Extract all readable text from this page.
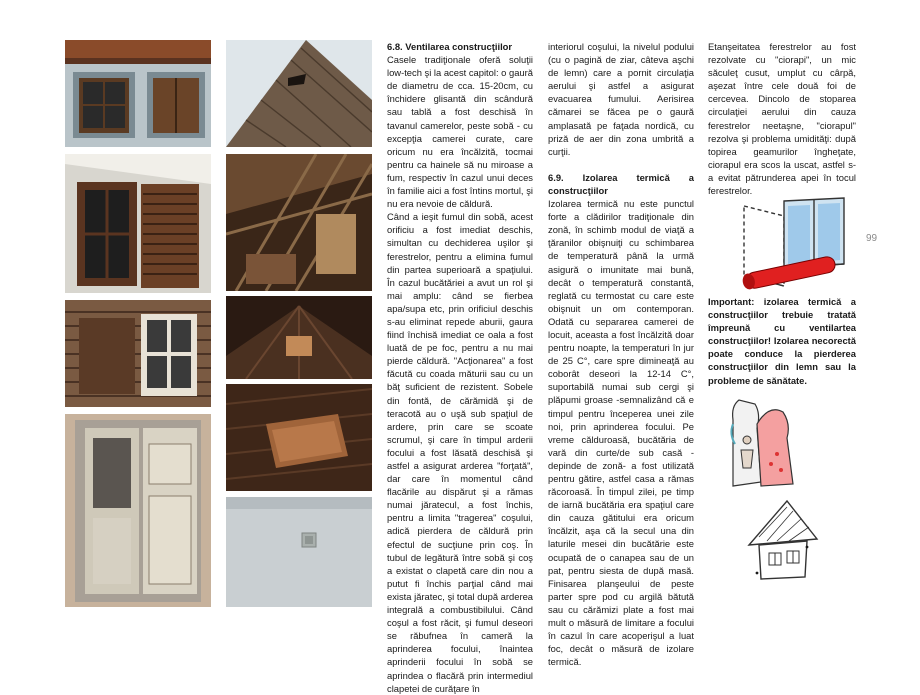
6.8. Ventilarea construcţiilor

Casele tradiţionale oferă soluţii low-tech şi la acest capitol: o gaură de diametru de cca. 15-20cm, cu închidere glisantă din scândură sau tablă a fost deschisă în tavanul camerelor, peste sobă - cu excepţia camerei curate, care oricum nu era încălzită, tocmai pentru ca hainele să nu miroase a fum, respectiv în cazul unui deces în familie aici a fost întins mortul, şi nu era nevoie de căldură.

Când a ieşit fumul din sobă, acest orificiu a fost imediat deschis, simultan cu dechiderea uşilor şi ferestrelor, pentru a elimina fumul din partea superioară a spaţiului. În cazul bucătăriei a avut un rol şi mai amplu: când se fierbea apa/supa etc, prin orificiul deschis s-au eliminat repede aburii, gaura fiind închisă imediat ce oala a fost luată de pe foc, pentru a nu mai pierde căldură. "Acţionarea" a fost făcută cu coada măturii sau cu un băţ suficient de rezistent. Sobele din fontă, de cărămidă şi de teracotă au o uşă sub spaţiul de ardere, prin care se scoate scrumul, şi care în timpul arderii focului a fost lăsată deschisă şi astfel a asigurat arderea "forţată", dar care în momentul când flacările au dispărut şi a rămas numai jăratecul, a fost închis, pentru a limita "tragerea" coşului, adică pierdera de căldură prin efectul de sucţiune prin coş. În tubul de legătură între sobă şi coş a existat o clapetă care din nou a putut fi închis parţial când mai exista jăratec, şi total după arderea integrală a combustibilului. Când coşul a fost răcit, şi fumul deseori se răbufnea în cameră la aprinderea focului, înaintea aprinderii focului în sobă se aprindea o flacără prin intermediul clapetei de curăţare în

interiorul coşului, la nivelul podului (cu o pagină de ziar, câteva aşchi de lemn) care a pornit circulaţia aerului şi astfel a asigurat evacuarea fumului. Aerisirea cămarei se făcea pe o gaură amplasată pe faţada nordică, cu priză de aer din zona umbrită a curţii.

6.9. Izolarea termică a construcţiilor

Izolarea termică nu este punctul forte a clădirilor tradiţionale din zonă, în schimb modul de viaţă a ţăranilor obişnuiţi cu schimbarea de temperatură până la urmă asigură o imunitate mai bună, decât o temperatură constantă, reglată cu termostat cu care este obişnuit un om contemporan. Odată cu separarea camerei de locuit, aceasta a fost încălzită doar pentru noapte, la temperaturi în jur de 25 C°, care spre dimineaţă au coborât deseori la 12-14 C°, suportabilă numai sub cergi şi plăpumi groase -semnalizând că e timpul pentru începerea unei zile noi, prin aprinderea focului. Pe vreme călduroasă, bucătăria de vară din curte/de sub casă -depinde de zonă- a fost utilizată pentru gătire, astfel casa a rămas răcoroasă. În timpul zilei, pe timp de iarnă bucătăria era spaţiul care din cauza gătitului era oricum încălzit, aşa că la secul una din laturile mesei din bucătărie este ocupată de o canapea sau de un pat, pentru siesta de după masă. Finisarea planşeului de peste parter spre pod cu argilă bătută sau cu cărămizi plate a fost mai mult o măsură de limitare a focului în cazul în care acoperişul a luat foc, decât o măsură de izolare termică.

Etanşeitatea ferestrelor au fost rezolvate cu "ciorapi", un mic săculeţ cusut, umplut cu cârpă, aşezat între cele două foi de cercevea. Dincolo de stoparea circulaţiei aerului din cauza ferestrelor neetaşne, "ciorapul" rezolva şi problema umidităţi: după topirea geamurilor îngheţate, ciorapul era scos la uscat, astfel s-a evitat pătrunderea apei în tocul ferestrelor.

Important: izolarea termică a construcţiilor trebuie tratată împreună cu ventilartea construcţiilor! Izolarea necorectă poate conduce la pierderea construcţiilor din lemn sau la probleme de sănătate.

99
